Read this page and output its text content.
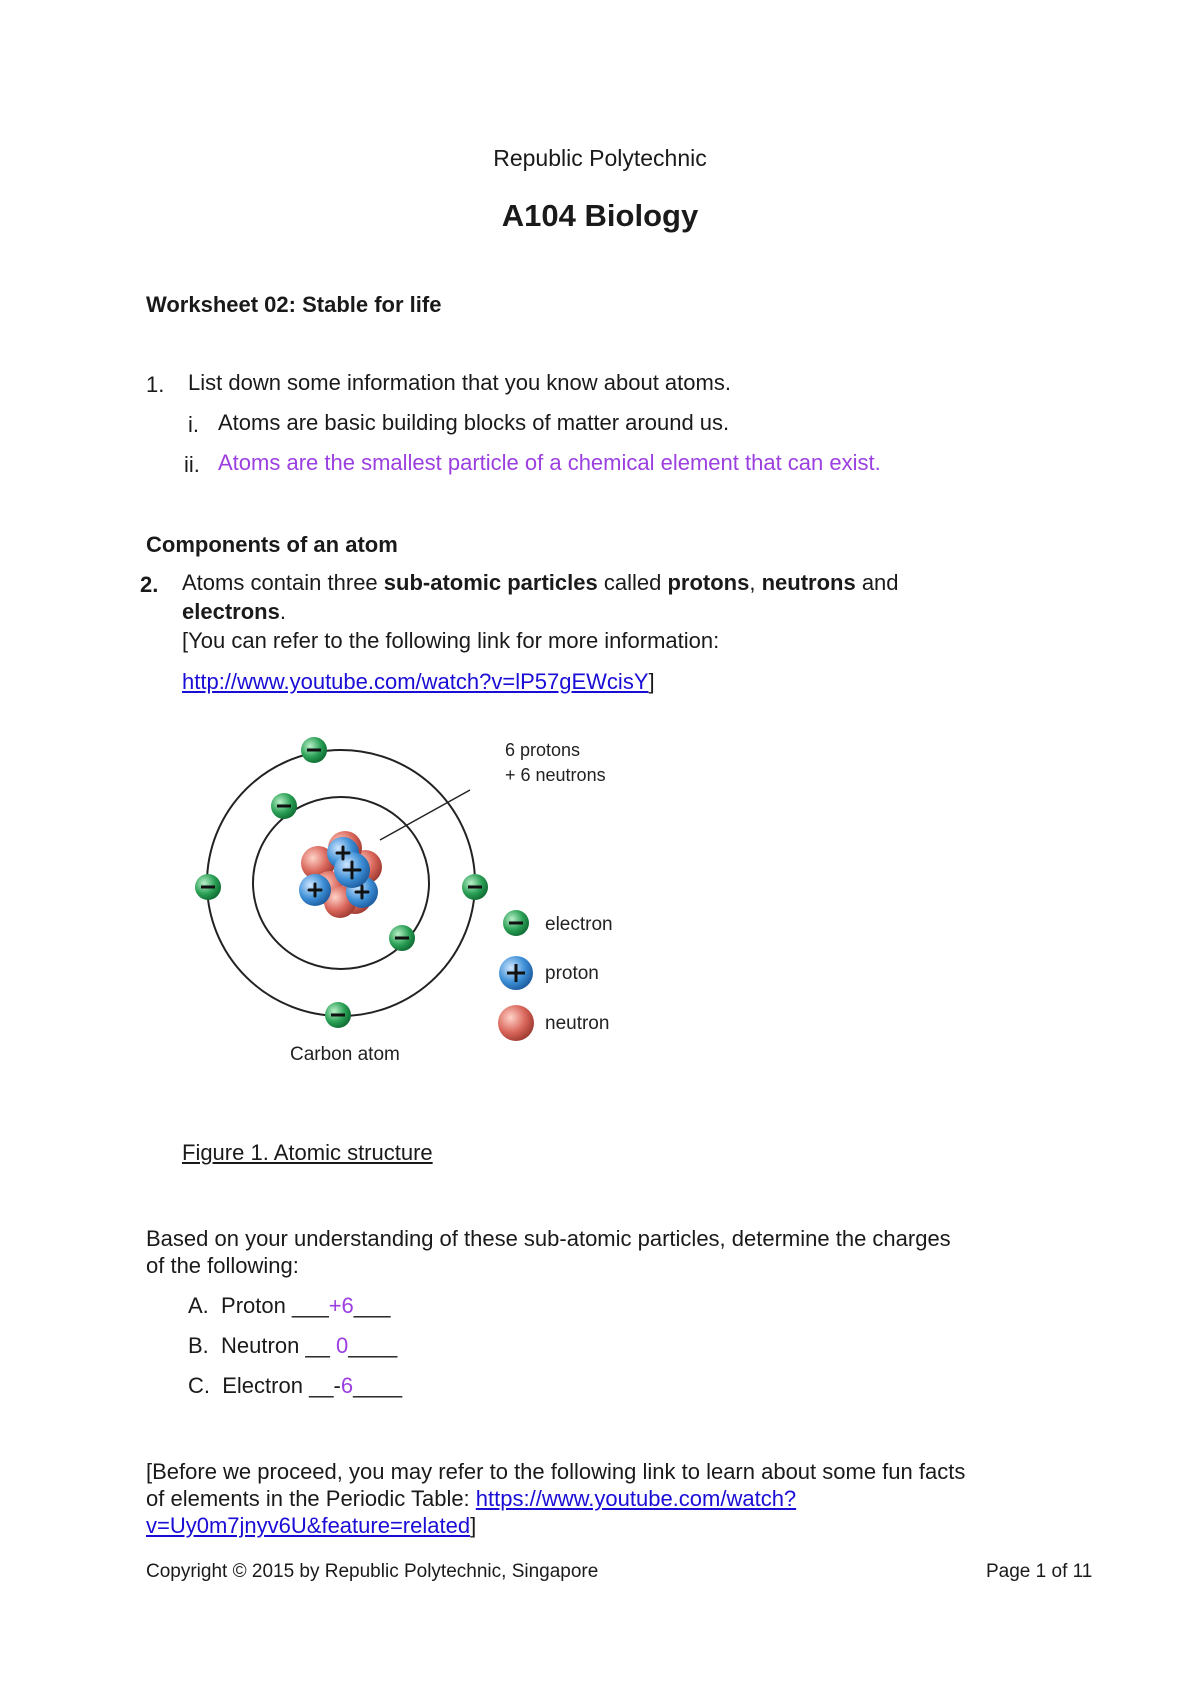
Republic Polytechnic
A104 Biology
Worksheet 02: Stable for life
1. List down some information that you know about atoms.
i. Atoms are basic building blocks of matter around us.
ii. Atoms are the smallest particle of a chemical element that can exist.
Components of an atom
2. Atoms contain three sub-atomic particles called protons, neutrons and
electrons.
[You can refer to the following link for more information:
http://www.youtube.com/watch?v=lP57gEWcisY]
6 protons
+ 6 neutrons
electron
proton
neutron
Carbon atom
Figure 1. Atomic structure
Based on your understanding of these sub-atomic particles, determine the charges
of the following:
A. Proton ___+6___
B. Neutron __ 0____
C. Electron __-6____
[Before we proceed, you may refer to the following link to learn about some fun facts
of elements in the Periodic Table: https://www.youtube.com/watch?
v=Uy0m7jnyv6U&feature=related]
Copyright © 2015 by Republic Polytechnic, Singapore	Page 1 of 11
